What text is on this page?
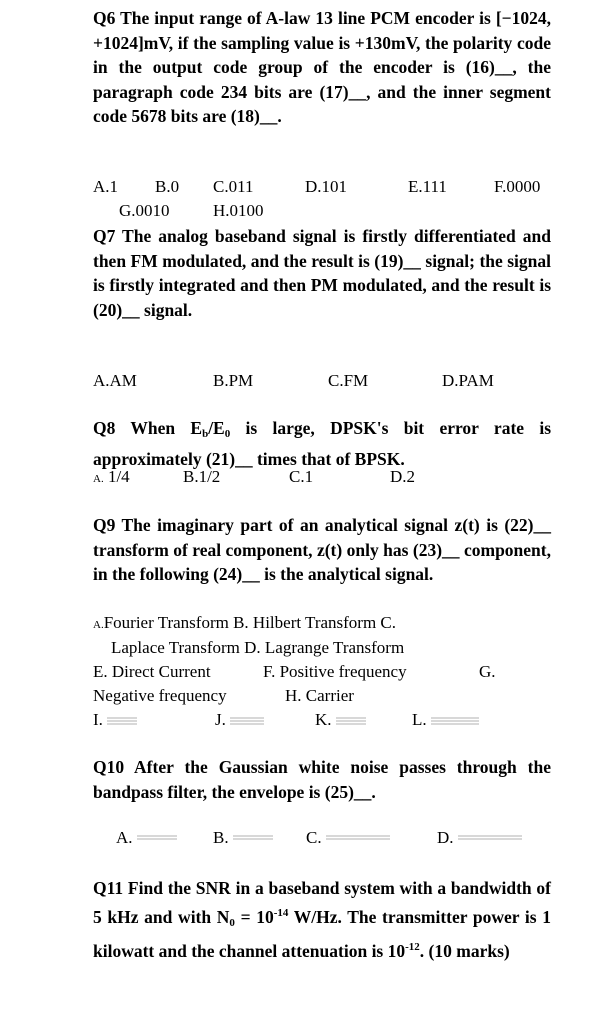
Q6 The input range of A-law 13 line PCM encoder is [−1024, +1024]mV, if the sampling value is +130mV, the polarity code in the output code group of the encoder is (16)__, the paragraph code 234 bits are (17)__, and the inner segment code 5678 bits are (18)__.
A.1 B.0 C.011	D.101	E.111	F.0000
G.0010	H.0100
Q7 The analog baseband signal is firstly differentiated and then FM modulated, and the result is (19)__ signal; the signal is firstly integrated and then PM modulated, and the result is (20)__ signal.
A.AM	B.PM	C.FM	D.PAM
Q8 When $E_b/E_0$ is large, DPSK's bit error rate is approximately (21)__ times that of BPSK.
A. 1/4	B.1/2	C.1	D.2
Q9 The imaginary part of an analytical signal z(t) is (22)__ transform of real component, z(t) only has (23)__ component, in the following (24)__ is the analytical signal.
A.Fourier Transform B. Hilbert Transform C.
Laplace Transform D. Lagrange Transform
E. Direct Current	F. Positive frequency	G.
Negative frequency	H. Carrier
I.	J.	K.	L.
Q10 After the Gaussian white noise passes through the bandpass filter, the envelope is (25)__.
A.	B.	C.	D.
Q11 Find the SNR in a baseband system with a bandwidth of 5 kHz and with $N_0 = 10^{-14}$ W/Hz. The transmitter power is 1 kilowatt and the channel attenuation is $10^{-12}$. (10 marks)
